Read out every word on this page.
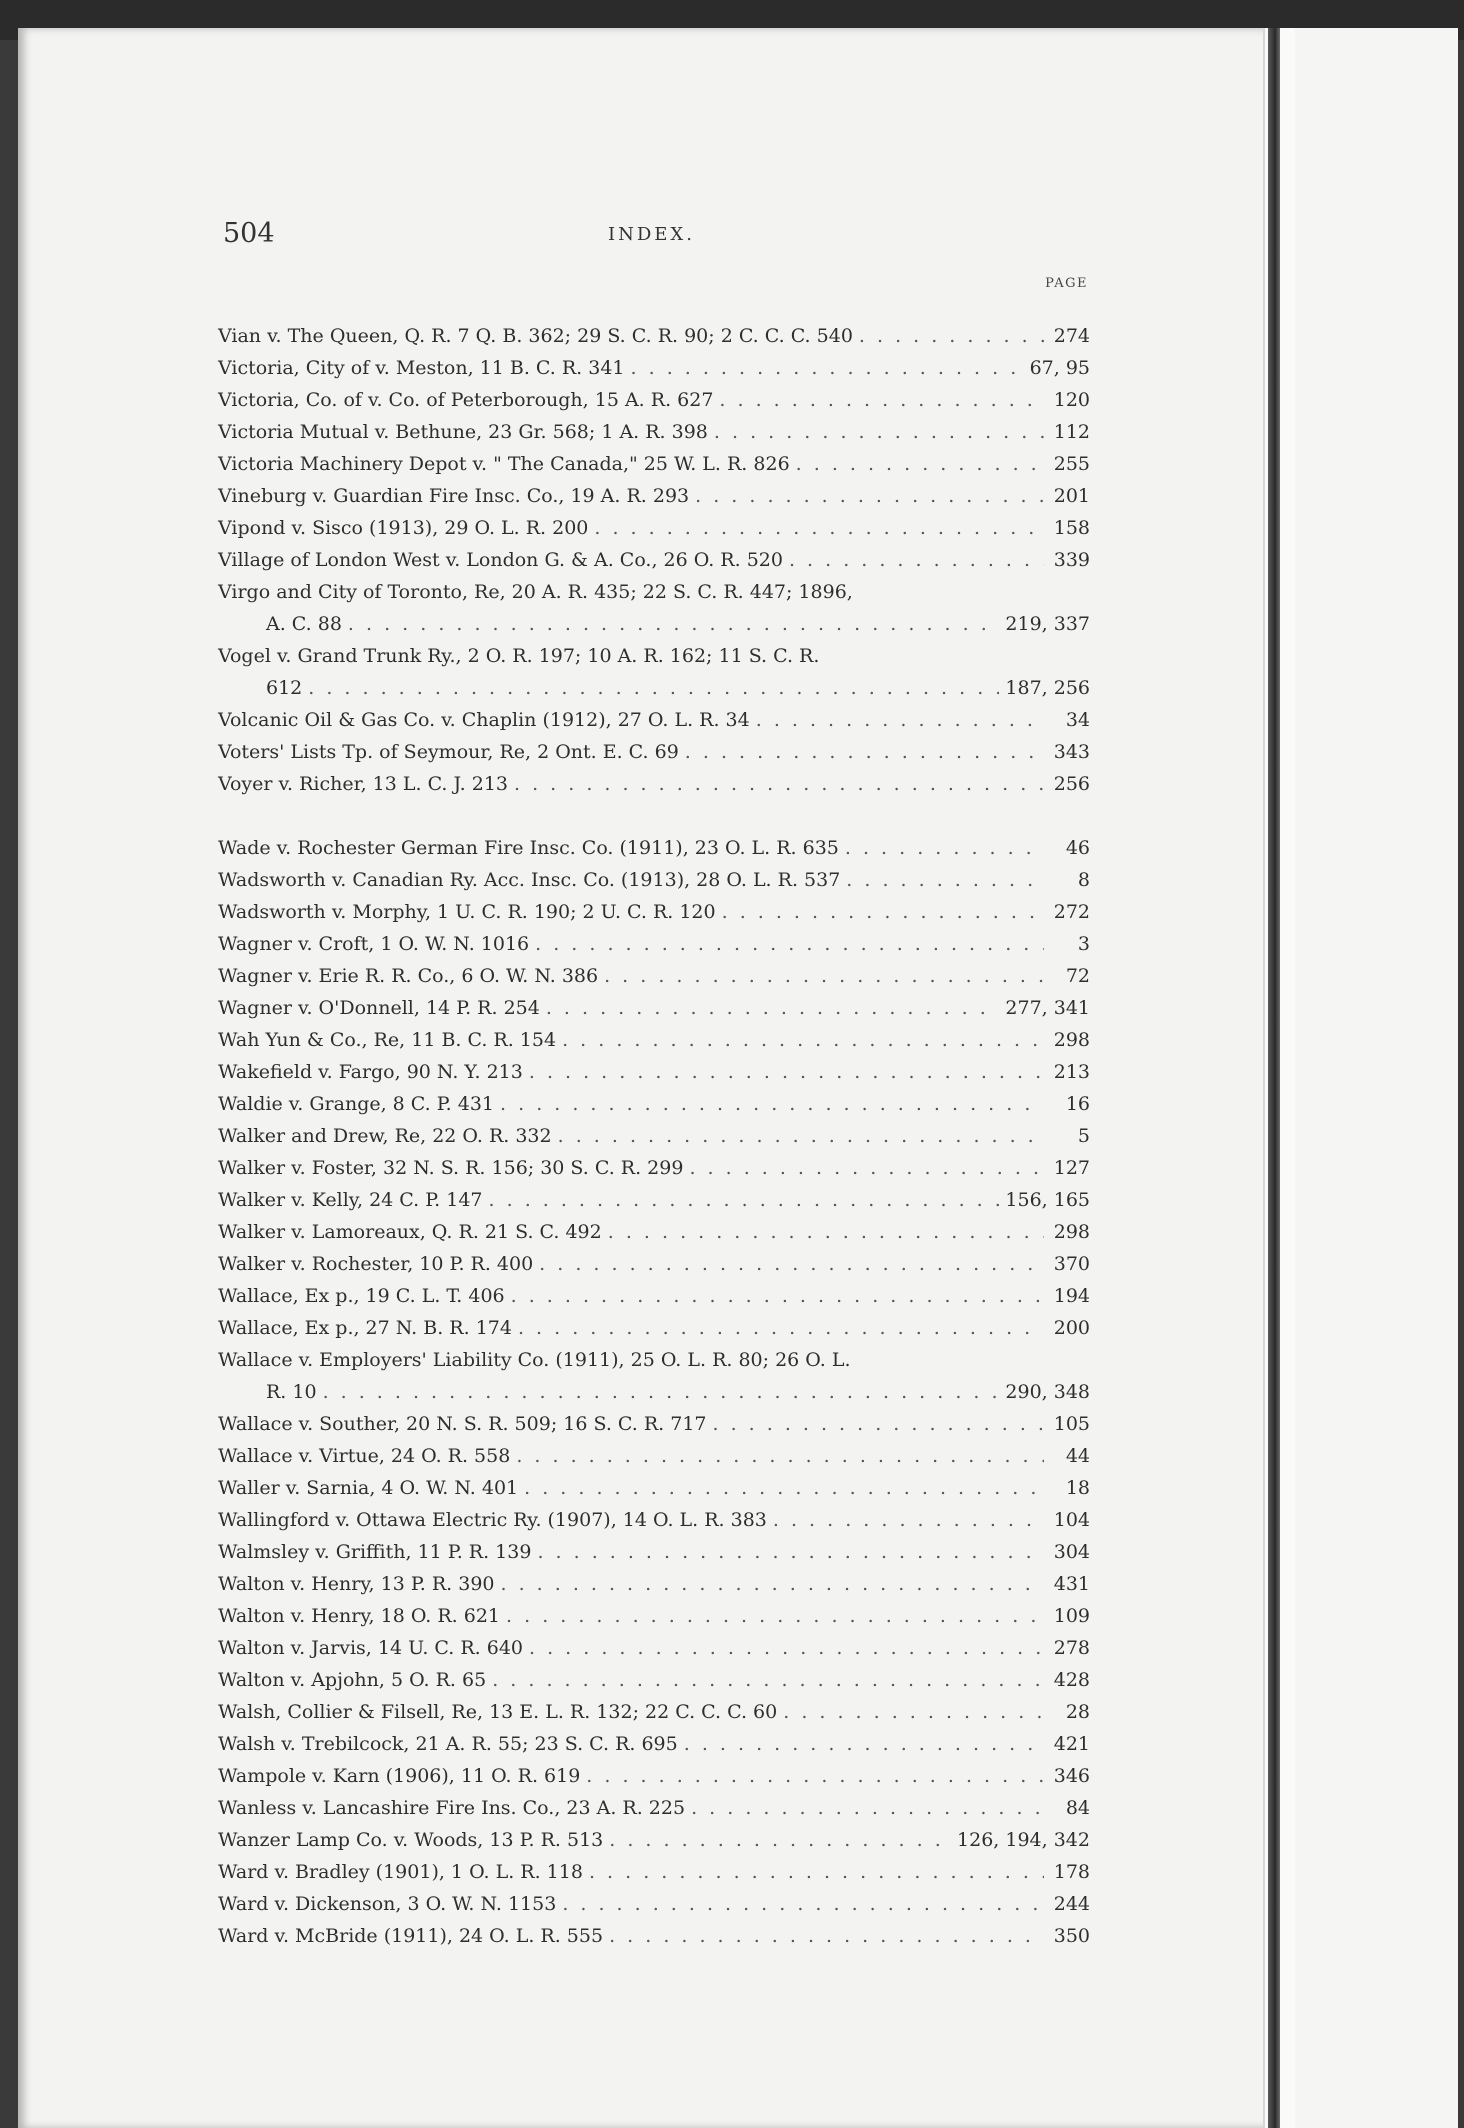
504	INDEX.
PAGE
Vian v. The Queen, Q. R. 7 Q. B. 362; 29 S. C. R. 90; 2 C. C. C. 540 . . .	274
Victoria, City of v. Meston, 11 B. C. R. 341 . . .	67, 95
Victoria, Co. of v. Co. of Peterborough, 15 A. R. 627 . . .	120
Victoria Mutual v. Bethune, 23 Gr. 568; 1 A. R. 398 . . .	112
Victoria Machinery Depot v. " The Canada," 25 W. L. R. 826 . . .	255
Vineburg v. Guardian Fire Insc. Co., 19 A. R. 293 . . .	201
Vipond v. Sisco (1913), 29 O. L. R. 200 . . .	158
Village of London West v. London G. & A. Co., 26 O. R. 520 . . .	339
Virgo and City of Toronto, Re, 20 A. R. 435; 22 S. C. R. 447; 1896,
A. C. 88 . . .	219, 337
Vogel v. Grand Trunk Ry., 2 O. R. 197; 10 A. R. 162; 11 S. C. R.
612 . . .	187, 256
Volcanic Oil & Gas Co. v. Chaplin (1912), 27 O. L. R. 34 . . .	34
Voters' Lists Tp. of Seymour, Re, 2 Ont. E. C. 69 . . .	343
Voyer v. Richer, 13 L. C. J. 213 . . .	256
Wade v. Rochester German Fire Insc. Co. (1911), 23 O. L. R. 635 . . .	46
Wadsworth v. Canadian Ry. Acc. Insc. Co. (1913), 28 O. L. R. 537 . . .	8
Wadsworth v. Morphy, 1 U. C. R. 190; 2 U. C. R. 120 . . .	272
Wagner v. Croft, 1 O. W. N. 1016 . . .	3
Wagner v. Erie R. R. Co., 6 O. W. N. 386 . . .	72
Wagner v. O'Donnell, 14 P. R. 254 . . .	277, 341
Wah Yun & Co., Re, 11 B. C. R. 154 . . .	298
Wakefield v. Fargo, 90 N. Y. 213 . . .	213
Waldie v. Grange, 8 C. P. 431 . . .	16
Walker and Drew, Re, 22 O. R. 332 . . .	5
Walker v. Foster, 32 N. S. R. 156; 30 S. C. R. 299 . . .	127
Walker v. Kelly, 24 C. P. 147 . . .	156, 165
Walker v. Lamoreaux, Q. R. 21 S. C. 492 . . .	298
Walker v. Rochester, 10 P. R. 400 . . .	370
Wallace, Ex p., 19 C. L. T. 406 . . .	194
Wallace, Ex p., 27 N. B. R. 174 . . .	200
Wallace v. Employers' Liability Co. (1911), 25 O. L. R. 80; 26 O. L.
R. 10 . . .	290, 348
Wallace v. Souther, 20 N. S. R. 509; 16 S. C. R. 717 . . .	105
Wallace v. Virtue, 24 O. R. 558 . . .	44
Waller v. Sarnia, 4 O. W. N. 401 . . .	18
Wallingford v. Ottawa Electric Ry. (1907), 14 O. L. R. 383 . . .	104
Walmsley v. Griffith, 11 P. R. 139 . . .	304
Walton v. Henry, 13 P. R. 390 . . .	431
Walton v. Henry, 18 O. R. 621 . . .	109
Walton v. Jarvis, 14 U. C. R. 640 . . .	278
Walton v. Apjohn, 5 O. R. 65 . . .	428
Walsh, Collier & Filsell, Re, 13 E. L. R. 132; 22 C. C. C. 60 . . .	28
Walsh v. Trebilcock, 21 A. R. 55; 23 S. C. R. 695 . . .	421
Wampole v. Karn (1906), 11 O. R. 619 . . .	346
Wanless v. Lancashire Fire Ins. Co., 23 A. R. 225 . . .	84
Wanzer Lamp Co. v. Woods, 13 P. R. 513 . . .	126, 194, 342
Ward v. Bradley (1901), 1 O. L. R. 118 . . .	178
Ward v. Dickenson, 3 O. W. N. 1153 . . .	244
Ward v. McBride (1911), 24 O. L. R. 555 . . .	350
